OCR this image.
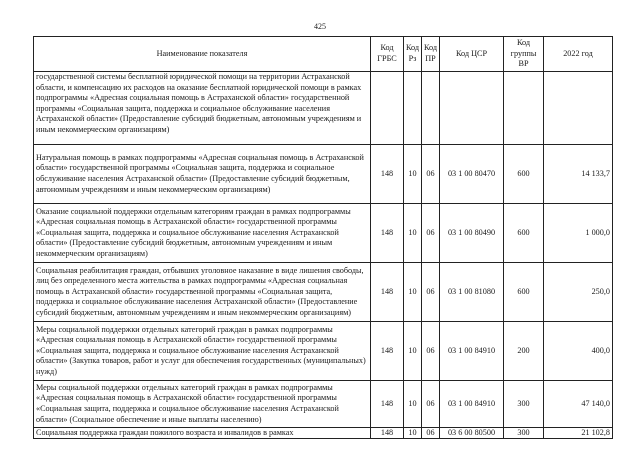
425
Наименование показателя	Код ГРБС	Код Рз	Код ПР	Код ЦСР	Код группы ВР	2022 год
государственной системы бесплатной юридической помощи на территории Астраханской области, и компенсацию их расходов на оказание бесплатной юридической помощи в рамках подпрограммы «Адресная социальная помощь в Астраханской области» государственной программы «Социальная защита, поддержка и социальное обслуживание населения Астраханской области» (Предоставление субсидий бюджетным, автономным учреждениям и иным некоммерческим организациям)						
Натуральная помощь в рамках подпрограммы «Адресная социальная помощь в Астраханской области» государственной программы «Социальная защита, поддержка и социальное обслуживание населения Астраханской области» (Предоставление субсидий бюджетным, автономным учреждениям и иным некоммерческим организациям)	148	10	06	03 1 00 80470	600	14 133,7
Оказание социальной поддержки отдельным категориям граждан в рамках подпрограммы «Адресная социальная помощь в Астраханской области» государственной программы «Социальная защита, поддержка и социальное обслуживание населения Астраханской области» (Предоставление субсидий бюджетным, автономным учреждениям и иным некоммерческим организациям)	148	10	06	03 1 00 80490	600	1 000,0
Социальная реабилитация граждан, отбывших уголовное наказание в виде лишения свободы, лиц без определенного места жительства в рамках подпрограммы «Адресная социальная помощь в Астраханской области» государственной программы «Социальная защита, поддержка и социальное обслуживание населения Астраханской области» (Предоставление субсидий бюджетным, автономным учреждениям и иным некоммерческим организациям)	148	10	06	03 1 00 81080	600	250,0
Меры социальной поддержки отдельных категорий граждан в рамках подпрограммы «Адресная социальная помощь в Астраханской области» государственной программы «Социальная защита, поддержка и социальное обслуживание населения Астраханской области» (Закупка товаров, работ и услуг для обеспечения государственных (муниципальных) нужд)	148	10	06	03 1 00 84910	200	400,0
Меры социальной поддержки отдельных категорий граждан в рамках подпрограммы «Адресная социальная помощь в Астраханской области» государственной программы «Социальная защита, поддержка и социальное обслуживание населения Астраханской области» (Социальное обеспечение и иные выплаты населению)	148	10	06	03 1 00 84910	300	47 140,0
Социальная поддержка граждан пожилого возраста и инвалидов в рамках	148	10	06	03 6 00 80500	300	21 102,8
